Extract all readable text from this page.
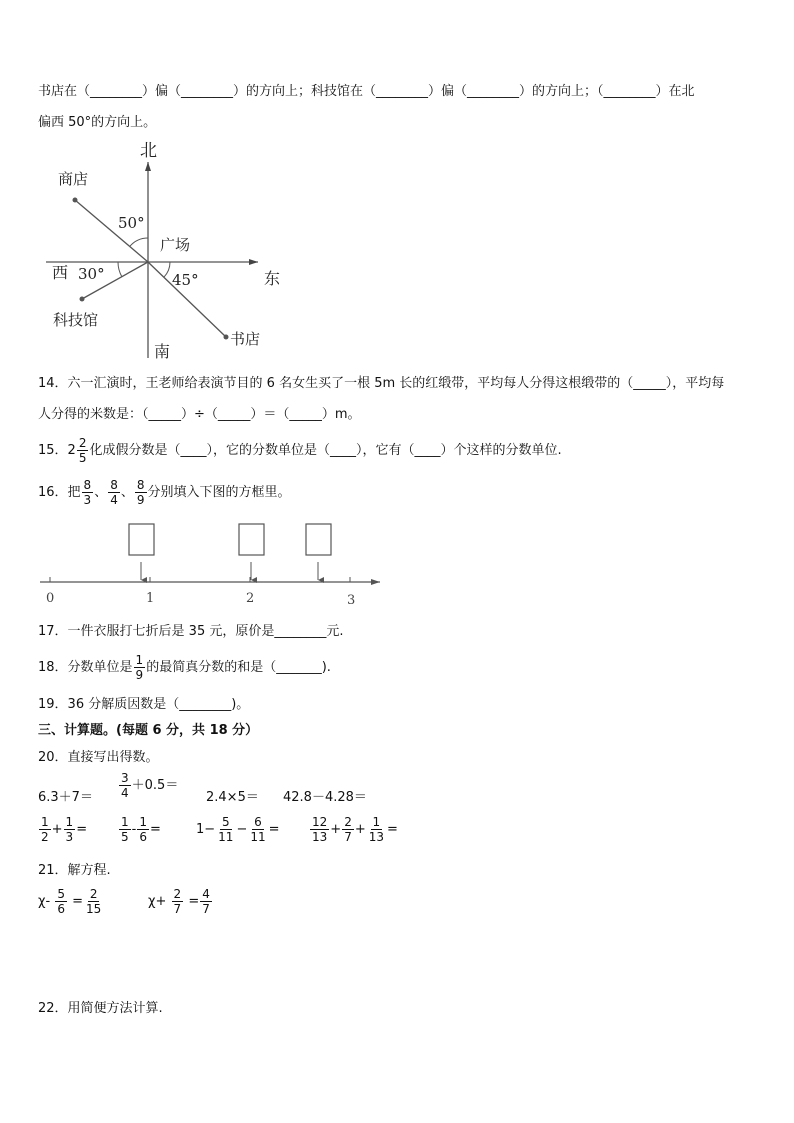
书店在（________）偏（________）的方向上；科技馆在（________）偏（________）的方向上；（________）在北
偏西 50°的方向上。
北
南
东
西
商店
广场
科技馆
书店
50°
30°	45°
14．六一汇演时，王老师给表演节目的 6 名女生买了一根 5m 长的红缎带，平均每人分得这根缎带的（_____），平均每
人分得的米数是：（_____）÷（_____）＝（_____）m。
15．$2 \frac{2}{5}$ 化成假分数是（____），它的分数单位是（____），它有（____）个这样的分数单位.
16．把 $\frac{8}{3}$ 、 $\frac{8}{4}$ 、 $\frac{8}{9}$ 分别填入下图的方框里。
0	1	2	3
17．一件衣服打七折后是 35 元，原价是________元.
18．分数单位是 $\frac{1}{9}$ 的最简真分数的和是（_______).
19．36 分解质因数是（________)。
三、计算题。(每题 6 分，共 18 分）
20．直接写出得数。
$6.3+7= \frac{3}{4} +0.5=$
2.4×5＝ 42.8－4.28＝
$\frac{1}{2} + \frac{1}{3}$ =	$\frac{1}{5} - \frac{1}{6}$ =	$1- \frac{5}{11} - \frac{6}{11}$ =	$\frac{12}{13} + \frac{2}{7} + \frac{1}{13}$ =
21．解方程.
$\chi- \frac{5}{6} = \frac{2}{15}$	$\chi+ \frac{2}{7} = \frac{4}{7}$
22．用简便方法计算.
